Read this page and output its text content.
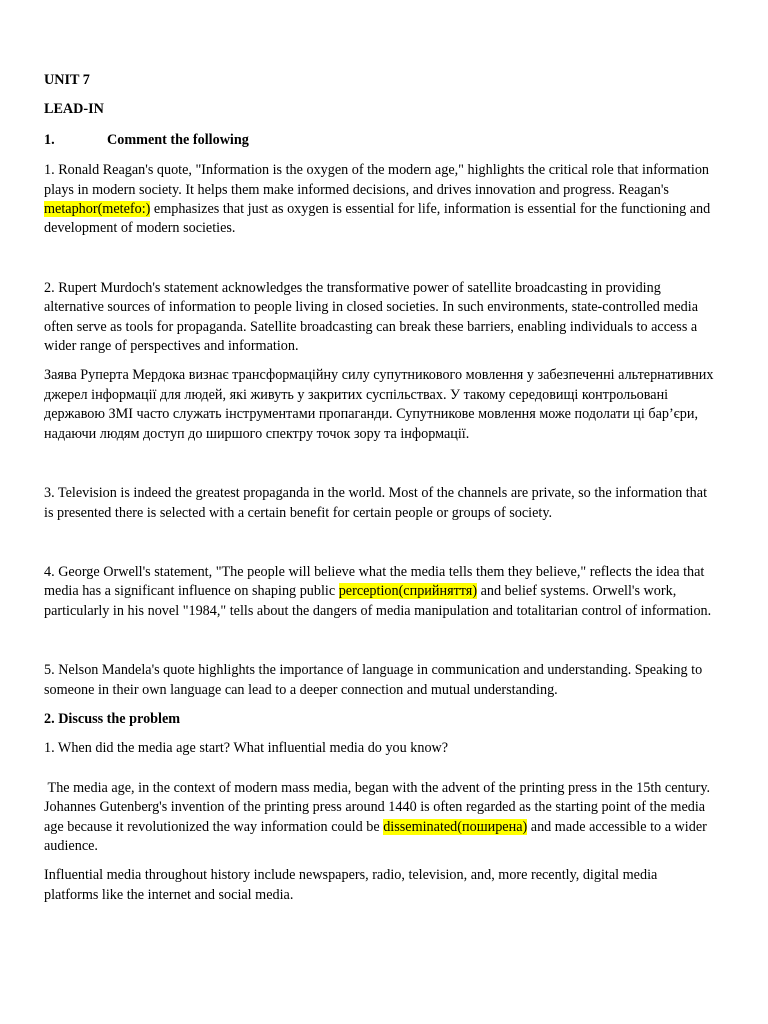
UNIT 7

LEAD-IN

1.	Comment the following

1. Ronald Reagan's quote, "Information is the oxygen of the modern age," highlights the critical role that information plays in modern society. It helps them make informed decisions, and drives innovation and progress. Reagan's metaphor(metefo:) emphasizes that just as oxygen is essential for life, information is essential for the functioning and development of modern societies.

2. Rupert Murdoch's statement acknowledges the transformative power of satellite broadcasting in providing alternative sources of information to people living in closed societies. In such environments, state-controlled media often serve as tools for propaganda. Satellite broadcasting can break these barriers, enabling individuals to access a wider range of perspectives and information.

Заява Руперта Мердока визнає трансформаційну силу супутникового мовлення у забезпеченні альтернативних джерел інформації для людей, які живуть у закритих суспільствах. У такому середовищі контрольовані державою ЗМІ часто служать інструментами пропаганди. Супутникове мовлення може подолати ці бар’єри, надаючи людям доступ до ширшого спектру точок зору та інформації.

3. Television is indeed the greatest propaganda in the world. Most of the channels are private, so the information that is presented there is selected with a certain benefit for certain people or groups of society.

4. George Orwell's statement, "The people will believe what the media tells them they believe," reflects the idea that media has a significant influence on shaping public perception(сприйняття) and belief systems. Orwell's work, particularly in his novel "1984," tells about the dangers of media manipulation and totalitarian control of information.

5. Nelson Mandela's quote highlights the importance of language in communication and understanding. Speaking to someone in their own language can lead to a deeper connection and mutual understanding.

2. Discuss the problem

1. When did the media age start? What influential media do you know?

The media age, in the context of modern mass media, began with the advent of the printing press in the 15th century. Johannes Gutenberg's invention of the printing press around 1440 is often regarded as the starting point of the media age because it revolutionized the way information could be disseminated(поширена) and made accessible to a wider audience.

Influential media throughout history include newspapers, radio, television, and, more recently, digital media platforms like the internet and social media.
